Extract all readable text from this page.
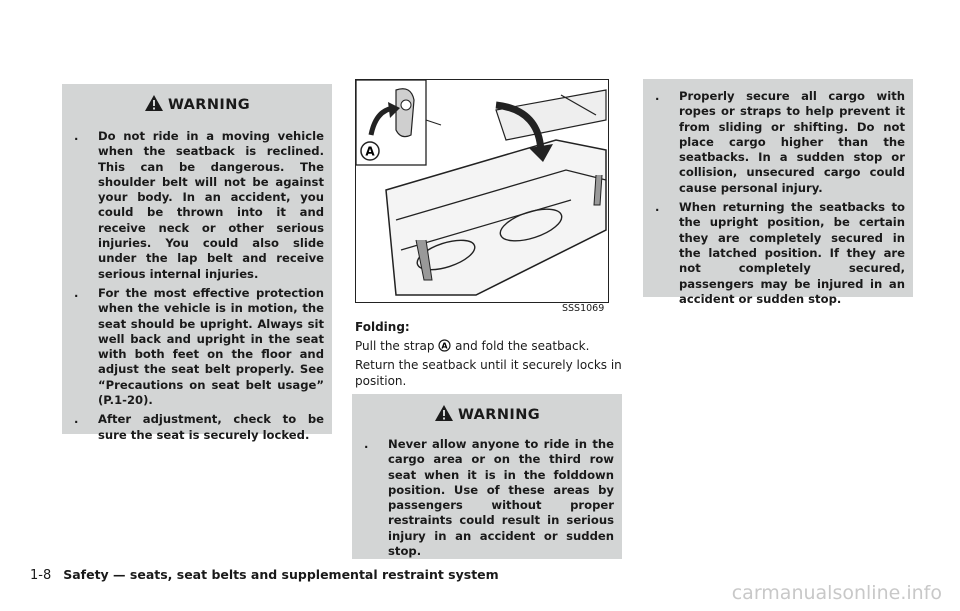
WARNING
. Do not ride in a moving vehicle when the seatback is reclined. This can be dangerous. The shoulder belt will not be against your body. In an accident, you could be thrown into it and receive neck or other serious injuries. You could also slide under the lap belt and receive serious internal injuries.
. For the most effective protection when the vehicle is in motion, the seat should be upright. Always sit well back and upright in the seat with both feet on the floor and adjust the seat belt properly. See “Precautions on seat belt usage” (P.1-20).
. After adjustment, check to be sure the seat is securely locked.
A
SSS1069
Folding:
Pull the strap A and fold the seatback.
Return the seatback until it securely locks in position.
WARNING
. Never allow anyone to ride in the cargo area or on the third row seat when it is in the folddown position. Use of these areas by passengers without proper restraints could result in serious injury in an accident or sudden stop.
. Properly secure all cargo with ropes or straps to help prevent it from sliding or shifting. Do not place cargo higher than the seatbacks. In a sudden stop or collision, unsecured cargo could cause personal injury.
. When returning the seatbacks to the upright position, be certain they are completely secured in the latched position. If they are not completely secured, passengers may be injured in an accident or sudden stop.
1-8 Safety — seats, seat belts and supplemental restraint system
carmanualsonline.info
